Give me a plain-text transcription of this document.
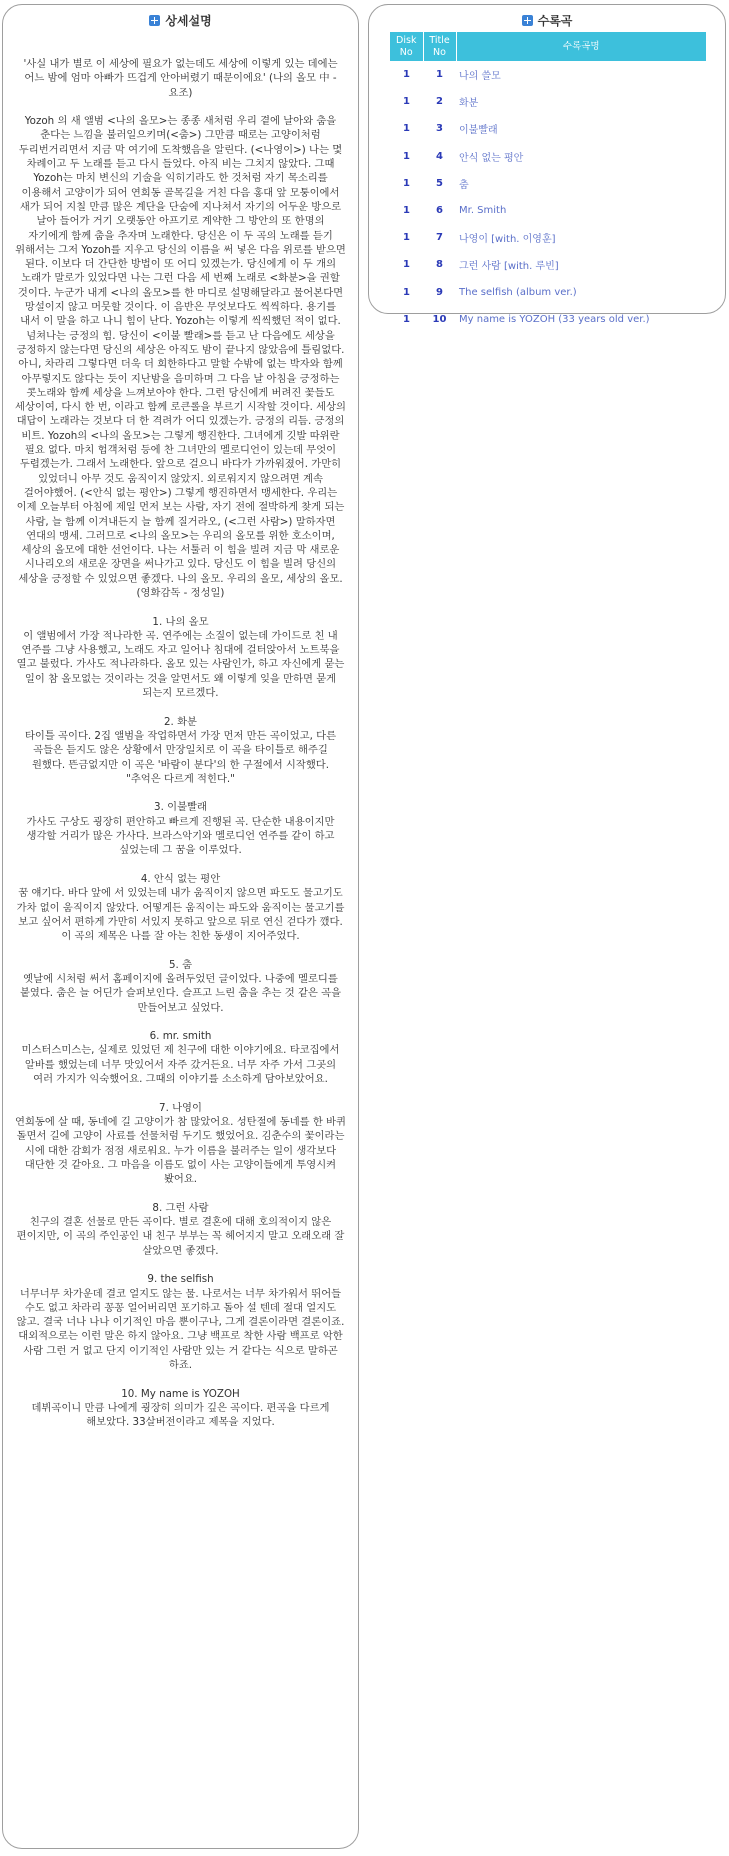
상세설명

'사실 내가 별로 이 세상에 필요가 없는데도 세상에 이렇게 있는 데에는 어느 밤에 엄마 아빠가 뜨겁게 안아버렸기 때문이에요' (나의 올모 中 - 요조)

Yozoh 의 새 앨범 <나의 올모>는 종종 새처럼 우리 곁에 날아와 춤을 춘다는 느낌을 불러일으키며(<춤>) 그만큼 때로는 고양이처럼 두리번거리면서 지금 막 여기에 도착했음을 알린다. (<나영이>) 나는 몇 차례이고 두 노래를 듣고 다시 들었다. 아직 비는 그치지 않았다. 그때 Yozoh는 마치 변신의 기술을 익히기라도 한 것처럼 자기 목소리를 이용해서 고양이가 되어 연희동 골목길을 거친 다음 홍대 앞 모퉁이에서 새가 되어 지칠 만큼 많은 계단을 단숨에 지나쳐서 자기의 어두운 방으로 날아 들어가 거기 오랫동안 아프기로 계약한 그 방안의 또 한명의 자기에게 함께 춤을 추자며 노래한다. 당신은 이 두 곡의 노래를 듣기 위해서는 그저 Yozoh를 지우고 당신의 이름을 써 넣은 다음 위로를 받으면 된다. 이보다 더 간단한 방법이 또 어디 있겠는가. 당신에게 이 두 개의 노래가 말로가 있었다면 나는 그런 다음 세 번째 노래로 <화분>을 권할 것이다. 누군가 내게 <나의 올모>를 한 마디로 설명해달라고 물어본다면 망설이지 않고 머뭇할 것이다. 이 음반은 무엇보다도 씩씩하다. 용기를 내서 이 말을 하고 나니 힘이 난다. Yozoh는 이렇게 씩씩했던 적이 없다. 넘쳐나는 긍정의 힘. 당신이 <이불 빨래>를 듣고 난 다음에도 세상을 긍정하지 않는다면 당신의 세상은 아직도 밤이 끝나지 않았음에 틀림없다. 아니, 차라리 그렇다면 더욱 더 희한하다고 말할 수밖에 없는 박자와 함께 아무렇지도 않다는 듯이 지난밤을 음미하며 그 다음 날 아침을 긍정하는 콧노래와 함께 세상을 느껴보아야 한다. 그런 당신에게 버려진 꽃들도 세상이여, 다시 한 번, 이라고 함께 로큰롤을 부르기 시작할 것이다. 세상의 대답이 노래라는 것보다 더 한 격려가 어디 있겠는가. 긍정의 리듬. 긍정의 비트. Yozoh의 <나의 올모>는 그렇게 행진한다. 그녀에게 깃발 따위란 필요 없다. 마치 헙객처럼 등에 찬 그녀만의 멜로디언이 있는데 무엇이 두렵겠는가. 그래서 노래한다. 앞으로 걸으니 바다가 가까워졌어. 가만히 있었더니 아무 것도 움직이지 않았지. 외로워지지 않으려면 계속 걸어야했어. (<안식 없는 평안>) 그렇게 행진하면서 맹세한다. 우리는 이제 오늘부터 아침에 제일 먼저 보는 사람, 자기 전에 절박하게 찾게 되는 사람, 늘 함께 이겨내든지 늘 함께 질거라오, (<그런 사람>) 말하자면 연대의 맹세. 그러므로 <나의 올모>는 우리의 올모를 위한 호소이며, 세상의 올모에 대한 선언이다. 나는 서툴러 이 힘을 빌려 지금 막 새로운 시나리오의 새로운 장면을 써나가고 있다. 당신도 이 힘을 빌려 당신의 세상을 긍정할 수 있었으면 좋겠다. 나의 올모. 우리의 올모, 세상의 올모. (영화감독 - 정성일)

1. 나의 올모

이 앨범에서 가장 적나라한 곡. 연주에는 소질이 없는데 가이드로 친 내 연주를 그냥 사용했고, 노래도 자고 일어나 침대에 걸터앉아서 노트북을 열고 불렀다. 가사도 적나라하다. 올모 있는 사람인가, 하고 자신에게 묻는 일이 참 올모없는 것이라는 것을 알면서도 왜 이렇게 잊을 만하면 묻게 되는지 모르겠다.

2. 화분

타이틀 곡이다. 2집 앨범을 작업하면서 가장 먼저 만든 곡이었고, 다른 곡들은 듣지도 않은 상황에서 만장일치로 이 곡을 타이틀로 해주길 원했다. 뜬금없지만 이 곡은 '바람이 분다'의 한 구절에서 시작했다. "추억은 다르게 적힌다."

3. 이불빨래

가사도 구상도 굉장히 편안하고 빠르게 진행된 곡. 단순한 내용이지만 생각할 거리가 많은 가사다. 브라스악기와 멜로디언 연주를 같이 하고 싶었는데 그 꿈을 이루었다.

4. 안식 없는 평안

꿈 얘기다. 바다 앞에 서 있었는데 내가 움직이지 않으면 파도도 물고기도 가차 없이 움직이지 않았다. 어떻게든 움직이는 파도와 움직이는 물고기를 보고 싶어서 편하게 가만히 서있지 못하고 앞으로 뒤로 연신 걷다가 깼다. 이 곡의 제목은 나를 잘 아는 친한 동생이 지어주었다.

5. 춤

옛날에 시처럼 써서 홈페이지에 올려두었던 글이었다. 나중에 멜로디를 붙였다. 춤은 늘 어딘가 슬퍼보인다. 슬프고 느린 춤을 추는 것 같은 곡을 만들어보고 싶었다.

6. mr. smith

미스터스미스는, 실제로 있었던 제 친구에 대한 이야기에요. 타코집에서 알바를 했었는데 너무 맛있어서 자주 갔거든요. 너무 자주 가서 그곳의 여러 가지가 익숙했어요. 그때의 이야기를 소소하게 담아보았어요.

7. 나영이

연희동에 살 때, 동네에 길 고양이가 참 많았어요. 성탄절에 동네를 한 바퀴 돌면서 길에 고양이 사료를 선물처럼 두기도 했었어요. 김춘수의 꽃이라는 시에 대한 감회가 점점 새로워요. 누가 이름을 불러주는 일이 생각보다 대단한 것 같아요. 그 마음을 이름도 없이 사는 고양이들에게 투영시켜 봤어요.

8. 그런 사람

친구의 결혼 선물로 만든 곡이다. 별로 결혼에 대해 호의적이지 않은 편이지만, 이 곡의 주인공인 내 친구 부부는 꼭 헤어지지 말고 오래오래 잘 살았으면 좋겠다.

9. the selfish

너무너무 차가운데 결코 얼지도 않는 물. 나로서는 너무 차가워서 뛰어들 수도 없고 차라리 꽁꽁 얼어버리면 포기하고 돌아 설 텐데 절대 얼지도 않고. 결국 너나 나나 이기적인 마음 뿐이구나, 그게 결론이라면 결론이죠. 대외적으로는 이런 말은 하지 않아요. 그냥 백프로 착한 사람 백프로 악한 사람 그런 거 없고 단지 이기적인 사람만 있는 거 같다는 식으로 말하곤 하죠.

10. My name is YOZOH

데뷔곡이니 만큼 나에게 굉장히 의미가 깊은 곡이다. 편곡을 다르게 해보았다. 33살버전이라고 제목을 지었다.

수록곡
Disk No	Title No	수록곡명
1	1	나의 쓸모
1	2	화분
1	3	이불빨래
1	4	안식 없는 평안
1	5	춤
1	6	Mr. Smith
1	7	나영이 [with. 이영훈]
1	8	그런 사람 [with. 루빈]
1	9	The selfish (album ver.)
1	10	My name is YOZOH (33 years old ver.)
